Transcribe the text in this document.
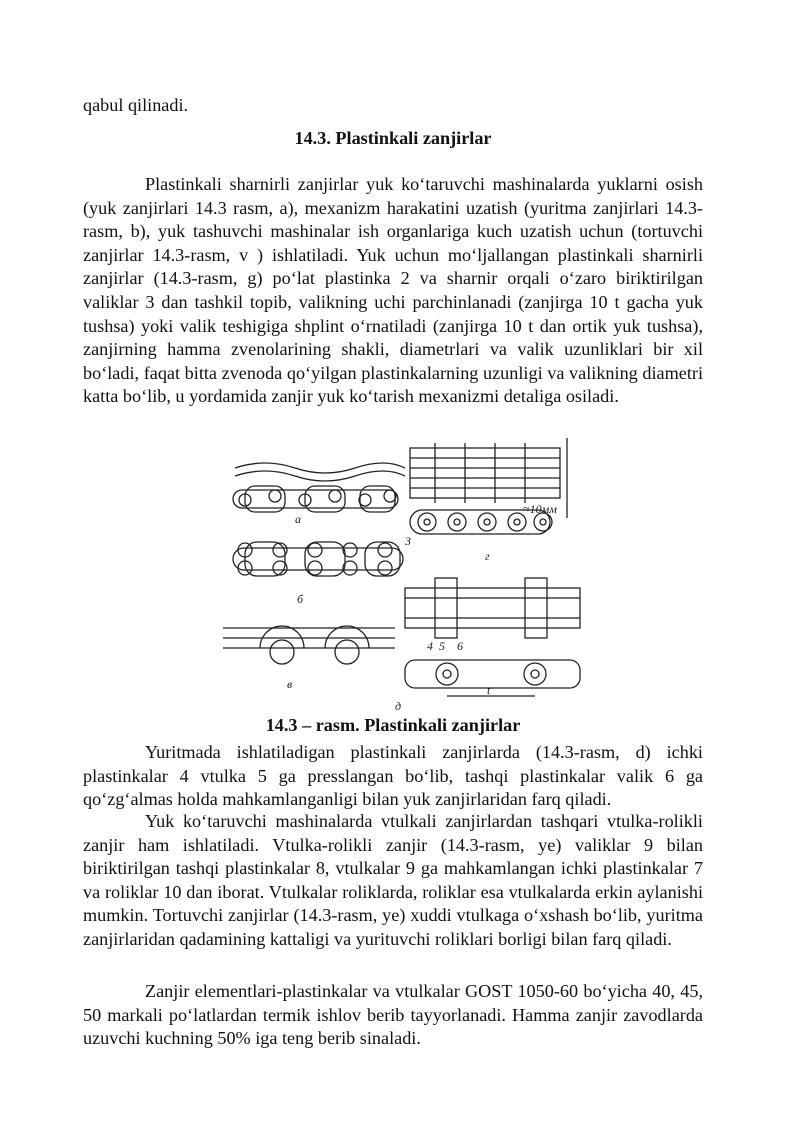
qabul qilinadi.

14.3. Plastinkali zanjirlar

Plastinkali sharnirli zanjirlar yuk ko‘taruvchi mashinalarda yuklarni osish (yuk zanjirlari 14.3 rasm, a), mexanizm harakatini uzatish (yuritma zanjirlari 14.3- rasm, b), yuk tashuvchi mashinalar ish organlariga kuch uzatish uchun (tortuvchi zanjirlar 14.3-rasm, v ) ishlatiladi. Yuk uchun mo‘ljallangan plastinkali sharnirli zanjirlar (14.3-rasm, g) po‘lat plastinka 2 va sharnir orqali o‘zaro biriktirilgan valiklar 3 dan tashkil topib, valikning uchi parchinlanadi (zanjirga 10 t gacha yuk tushsa) yoki valik teshigiga shplint o‘rnatiladi (zanjirga 10 t dan ortik yuk tushsa), zanjirning hamma zvenolarining shakli, diametrlari va valik uzunliklari bir xil bo‘ladi, faqat bitta zvenoda qo‘yilgan plastinkalarning uzunligi va valikning diametri katta bo‘lib, u yordamida zanjir yuk ko‘tarish mexanizmi detaliga osiladi.

а
б
в
г
3
4 5 6
t
≈10мм
д

14.3 – rasm. Plastinkali zanjirlar

Yuritmada ishlatiladigan plastinkali zanjirlarda (14.3-rasm, d) ichki plastinkalar 4 vtulka 5 ga presslangan bo‘lib, tashqi plastinkalar valik 6 ga qo‘zg‘almas holda mahkamlanganligi bilan yuk zanjirlaridan farq qiladi.

Yuk ko‘taruvchi mashinalarda vtulkali zanjirlardan tashqari vtulka-rolikli zanjir ham ishlatiladi. Vtulka-rolikli zanjir (14.3-rasm, ye) valiklar 9 bilan biriktirilgan tashqi plastinkalar 8, vtulkalar 9 ga mahkamlangan ichki plastinkalar 7 va roliklar 10 dan iborat. Vtulkalar roliklarda, roliklar esa vtulkalarda erkin aylanishi mumkin. Tortuvchi zanjirlar (14.3-rasm, ye) xuddi vtulkaga o‘xshash bo‘lib, yuritma zanjirlaridan qadamining kattaligi va yurituvchi roliklari borligi bilan farq qiladi.

Zanjir elementlari-plastinkalar va vtulkalar GOST 1050-60 bo‘yicha 40, 45, 50 markali po‘latlardan termik ishlov berib tayyorlanadi. Hamma zanjir zavodlarda uzuvchi kuchning 50% iga teng berib sinaladi.
